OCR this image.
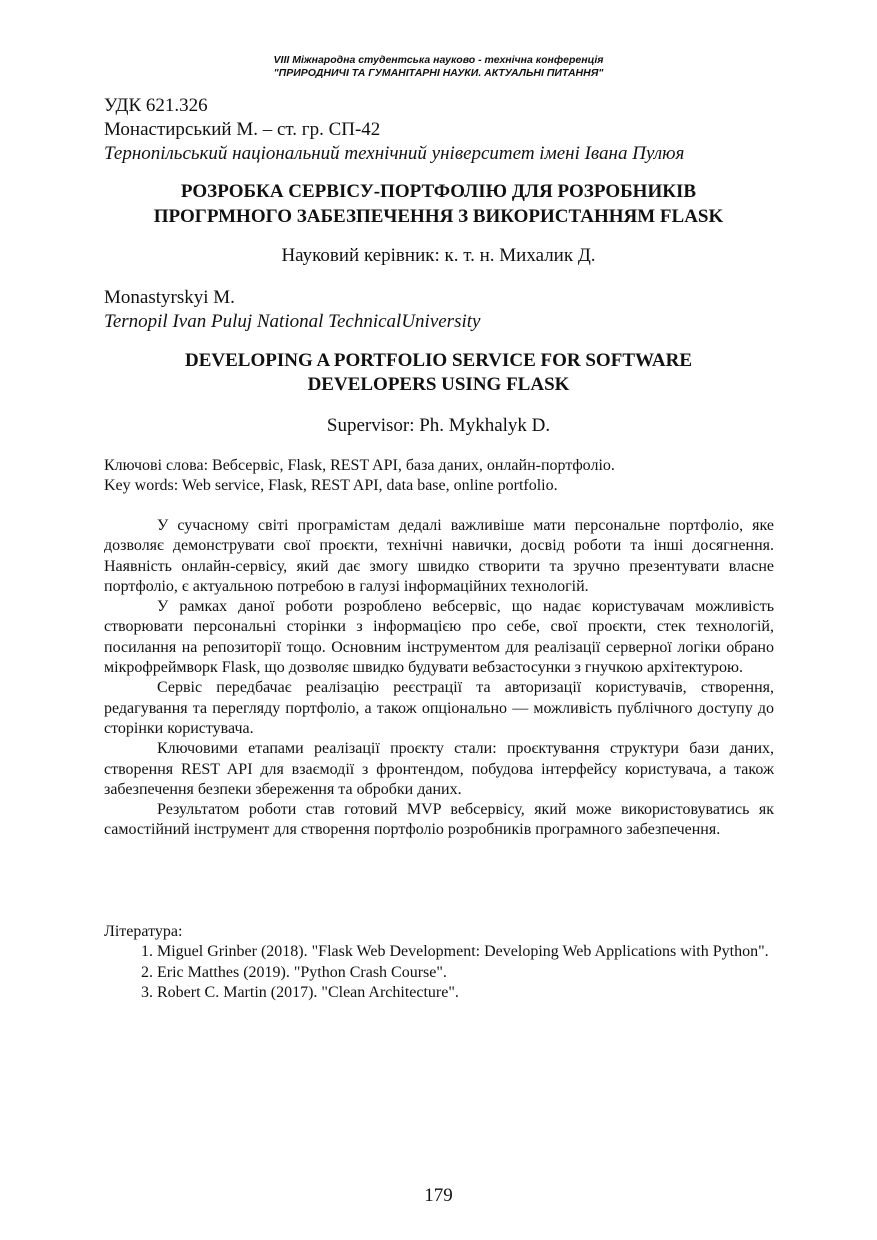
VIII Міжнародна студентська науково - технічна конференція
"ПРИРОДНИЧІ ТА ГУМАНІТАРНІ НАУКИ. АКТУАЛЬНІ ПИТАННЯ"
УДК 621.326
Монастирський М. – ст. гр. СП-42
Тернопільський національний технічний університет імені Івана Пулюя
РОЗРОБКА СЕРВІСУ-ПОРТФОЛІЮ ДЛЯ РОЗРОБНИКІВ
ПРОГРМНОГО ЗАБЕЗПЕЧЕННЯ З ВИКОРИСТАННЯМ FLASK
Науковий керівник: к. т. н. Михалик Д.
Monastyrskyi M.
Ternopil Ivan Puluj National TechnicalUniversity
DEVELOPING A PORTFOLIO SERVICE FOR SOFTWARE
DEVELOPERS USING FLASK
Supervisor: Ph. Mykhalyk D.
Ключові слова: Вебсервіс, Flask, REST API, база даних, онлайн-портфоліо.
Key words: Web service, Flask, REST API, data base, online portfolio.

У сучасному світі програмістам дедалі важливіше мати персональне портфоліо, яке дозволяє демонструвати свої проєкти, технічні навички, досвід роботи та інші досягнення. Наявність онлайн-сервісу, який дає змогу швидко створити та зручно презентувати власне портфоліо, є актуальною потребою в галузі інформаційних технологій.

У рамках даної роботи розроблено вебсервіс, що надає користувачам можливість створювати персональні сторінки з інформацією про себе, свої проєкти, стек технологій, посилання на репозиторії тощо. Основним інструментом для реалізації серверної логіки обрано мікрофреймворк Flask, що дозволяє швидко будувати вебзастосунки з гнучкою архітектурою.

Сервіс передбачає реалізацію реєстрації та авторизації користувачів, створення, редагування та перегляду портфоліо, а також опціонально — можливість публічного доступу до сторінки користувача.

Ключовими етапами реалізації проєкту стали: проєктування структури бази даних, створення REST API для взаємодії з фронтендом, побудова інтерфейсу користувача, а також забезпечення безпеки збереження та обробки даних.

Результатом роботи став готовий MVP вебсервісу, який може використовуватись як самостійний інструмент для створення портфоліо розробників програмного забезпечення.

Література:
1. Miguel Grinber (2018). "Flask Web Development: Developing Web Applications with Python".
2. Eric Matthes (2019). "Python Crash Course".
3. Robert C. Martin (2017). "Clean Architecture".
179
